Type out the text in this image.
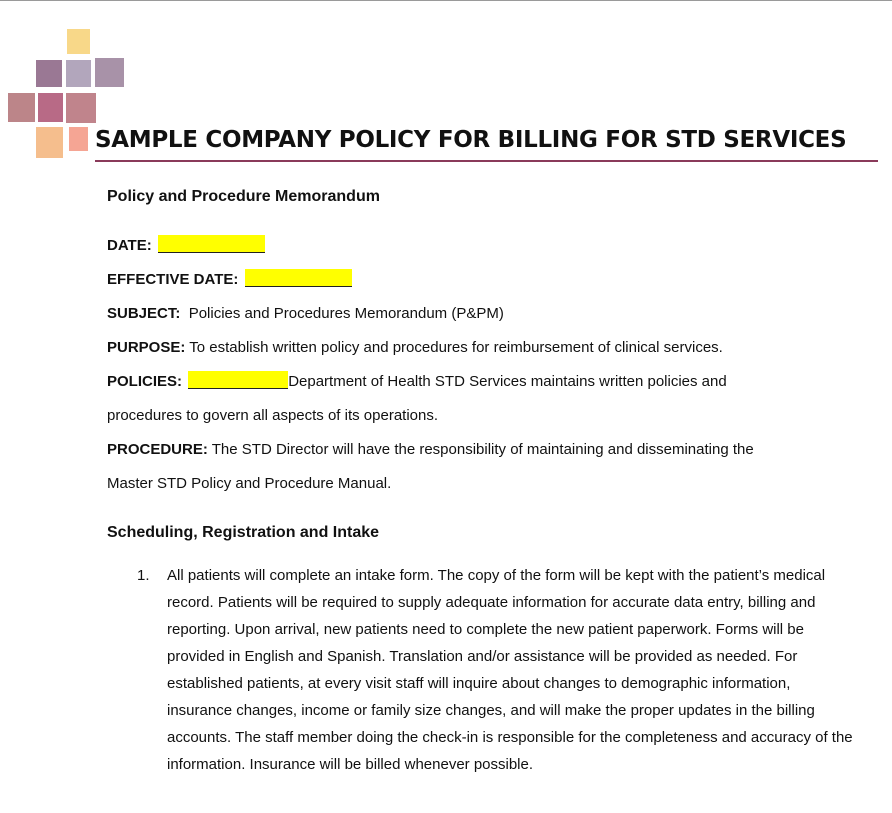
SAMPLE COMPANY POLICY FOR BILLING FOR STD SERVICES

Policy and Procedure Memorandum

DATE:

EFFECTIVE DATE:

SUBJECT: Policies and Procedures Memorandum (P&PM)

PURPOSE: To establish written policy and procedures for reimbursement of clinical services.

POLICIES:	Department of Health STD Services maintains written policies and

procedures to govern all aspects of its operations.

PROCEDURE: The STD Director will have the responsibility of maintaining and disseminating the

Master STD Policy and Procedure Manual.

Scheduling, Registration and Intake
1. All patients will complete an intake form. The copy of the form will be kept with the patient’s medical record. Patients will be required to supply adequate information for accurate data entry, billing and reporting. Upon arrival, new patients need to complete the new patient paperwork. Forms will be provided in English and Spanish. Translation and/or assistance will be provided as needed. For established patients, at every visit staff will inquire about changes to demographic information, insurance changes, income or family size changes, and will make the proper updates in the billing accounts. The staff member doing the check-in is responsible for the completeness and accuracy of the information. Insurance will be billed whenever possible.
